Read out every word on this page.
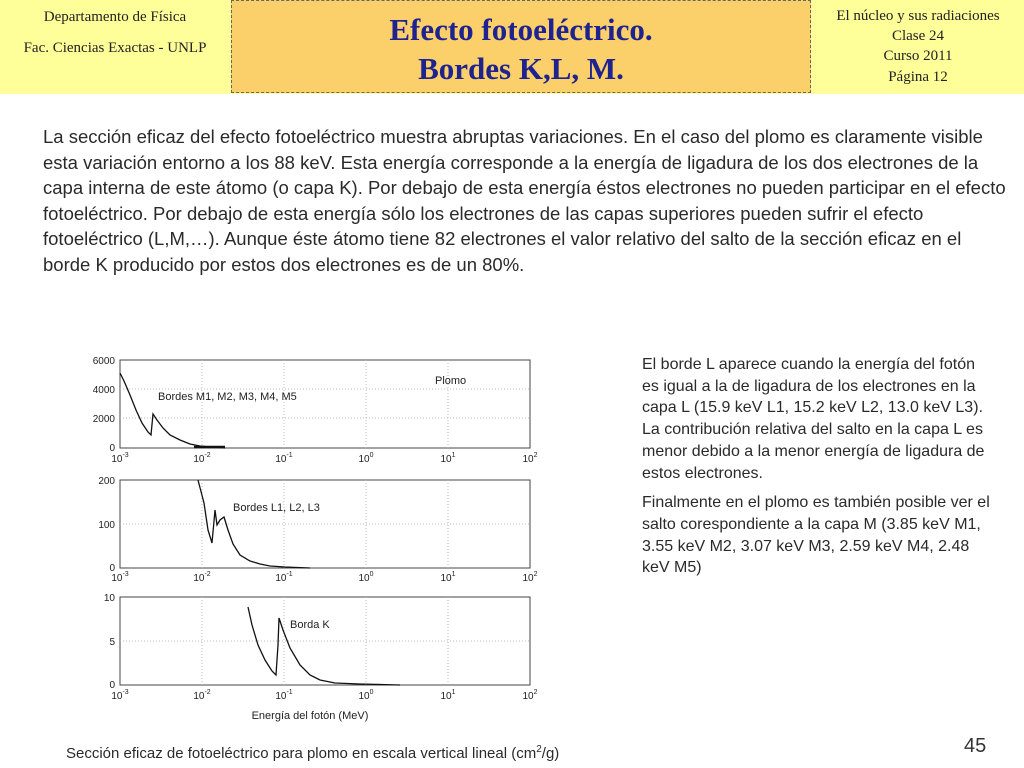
Departamento de Física
Fac. Ciencias Exactas - UNLP
Efecto fotoeléctrico.
Bordes K,L, M.
El núcleo y sus radiaciones
Clase 24
Curso 2011
Página 12
La sección eficaz del efecto fotoeléctrico muestra abruptas variaciones. En el caso del plomo es claramente visible esta variación entorno a los 88 keV. Esta energía corresponde a la energía de ligadura de los dos electrones de la capa interna de este átomo (o capa K). Por debajo de esta energía éstos electrones no pueden participar en el efecto fotoeléctrico. Por debajo de esta energía sólo los electrones de las capas superiores pueden sufrir el efecto fotoeléctrico (L,M,…). Aunque éste átomo tiene 82 electrones el valor relativo del salto de la sección eficaz en el borde K producido por estos dos electrones es de un 80%.
6000
4000
2000
0
200
100
0
10
5
0
$10^{-3}$	$10^{-2}$	$10^{-1}$	$10^0$	$10^1$	$10^2$
$10^{-3}$	$10^{-2}$	$10^{-1}$	$10^0$	$10^1$	$10^2$
$10^{-3}$	$10^{-2}$	$10^{-1}$	$10^0$	$10^1$	$10^2$
Bordes M1, M2, M3, M4, M5
Plomo
Bordes L1, L2, L3
Borda K
Energía del fotón (MeV)

El borde L aparece cuando la energía del fotón es igual a la de ligadura de los electrones en la capa L (15.9 keV L1, 15.2 keV L2, 13.0 keV L3). La contribución relativa del salto en la capa L es menor debido a la menor energía de ligadura de estos electrones.

Finalmente en el plomo es también posible ver el salto corespondiente a la capa M (3.85 keV M1, 3.55 keV M2, 3.07 keV M3, 2.59 keV M4, 2.48 keV M5)

Sección eficaz de fotoeléctrico para plomo en escala vertical lineal $(cm^2/g)$	45
